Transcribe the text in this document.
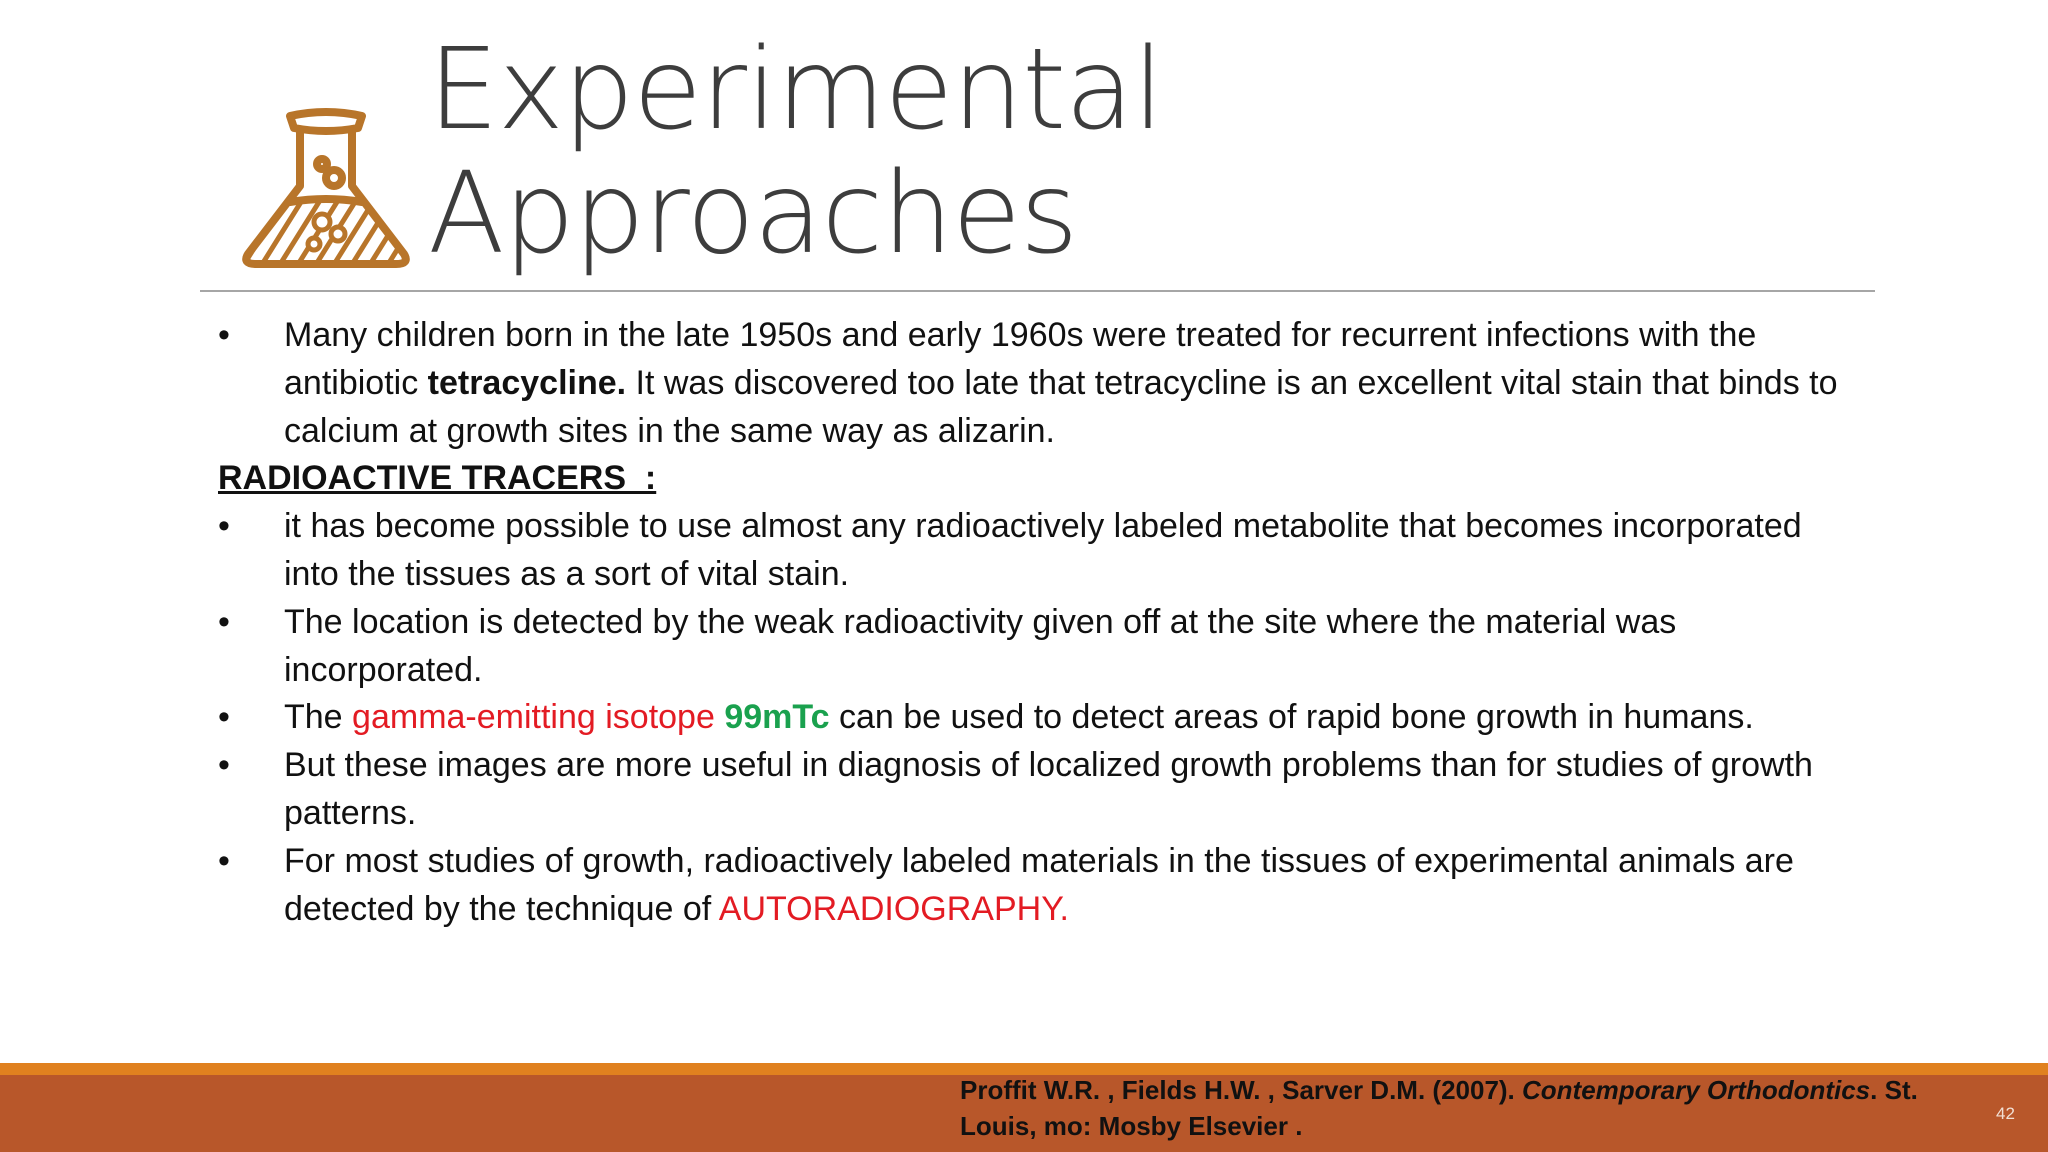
Experimental
Approaches
•	Many children born in the late 1950s and early 1960s were treated for recurrent infections with the antibiotic tetracycline. It was discovered too late that tetracycline is an excellent vital stain that binds to calcium at growth sites in the same way as alizarin.
RADIOACTIVE TRACERS  :
•	it has become possible to use almost any radioactively labeled metabolite that becomes incorporated into the tissues as a sort of vital stain.
•	The location is detected by the weak radioactivity given off at the site where the material was incorporated.
•	The gamma-emitting isotope 99mTc can be used to detect areas of rapid bone growth in humans.
•	But these images are more useful in diagnosis of localized growth problems than for studies of growth patterns.
•	For most studies of growth, radioactively labeled materials in the tissues of experimental animals are detected by the technique of AUTORADIOGRAPHY.
Proffit W.R. , Fields H.W. , Sarver D.M. (2007). Contemporary Orthodontics. St. Louis, mo: Mosby Elsevier .	42
